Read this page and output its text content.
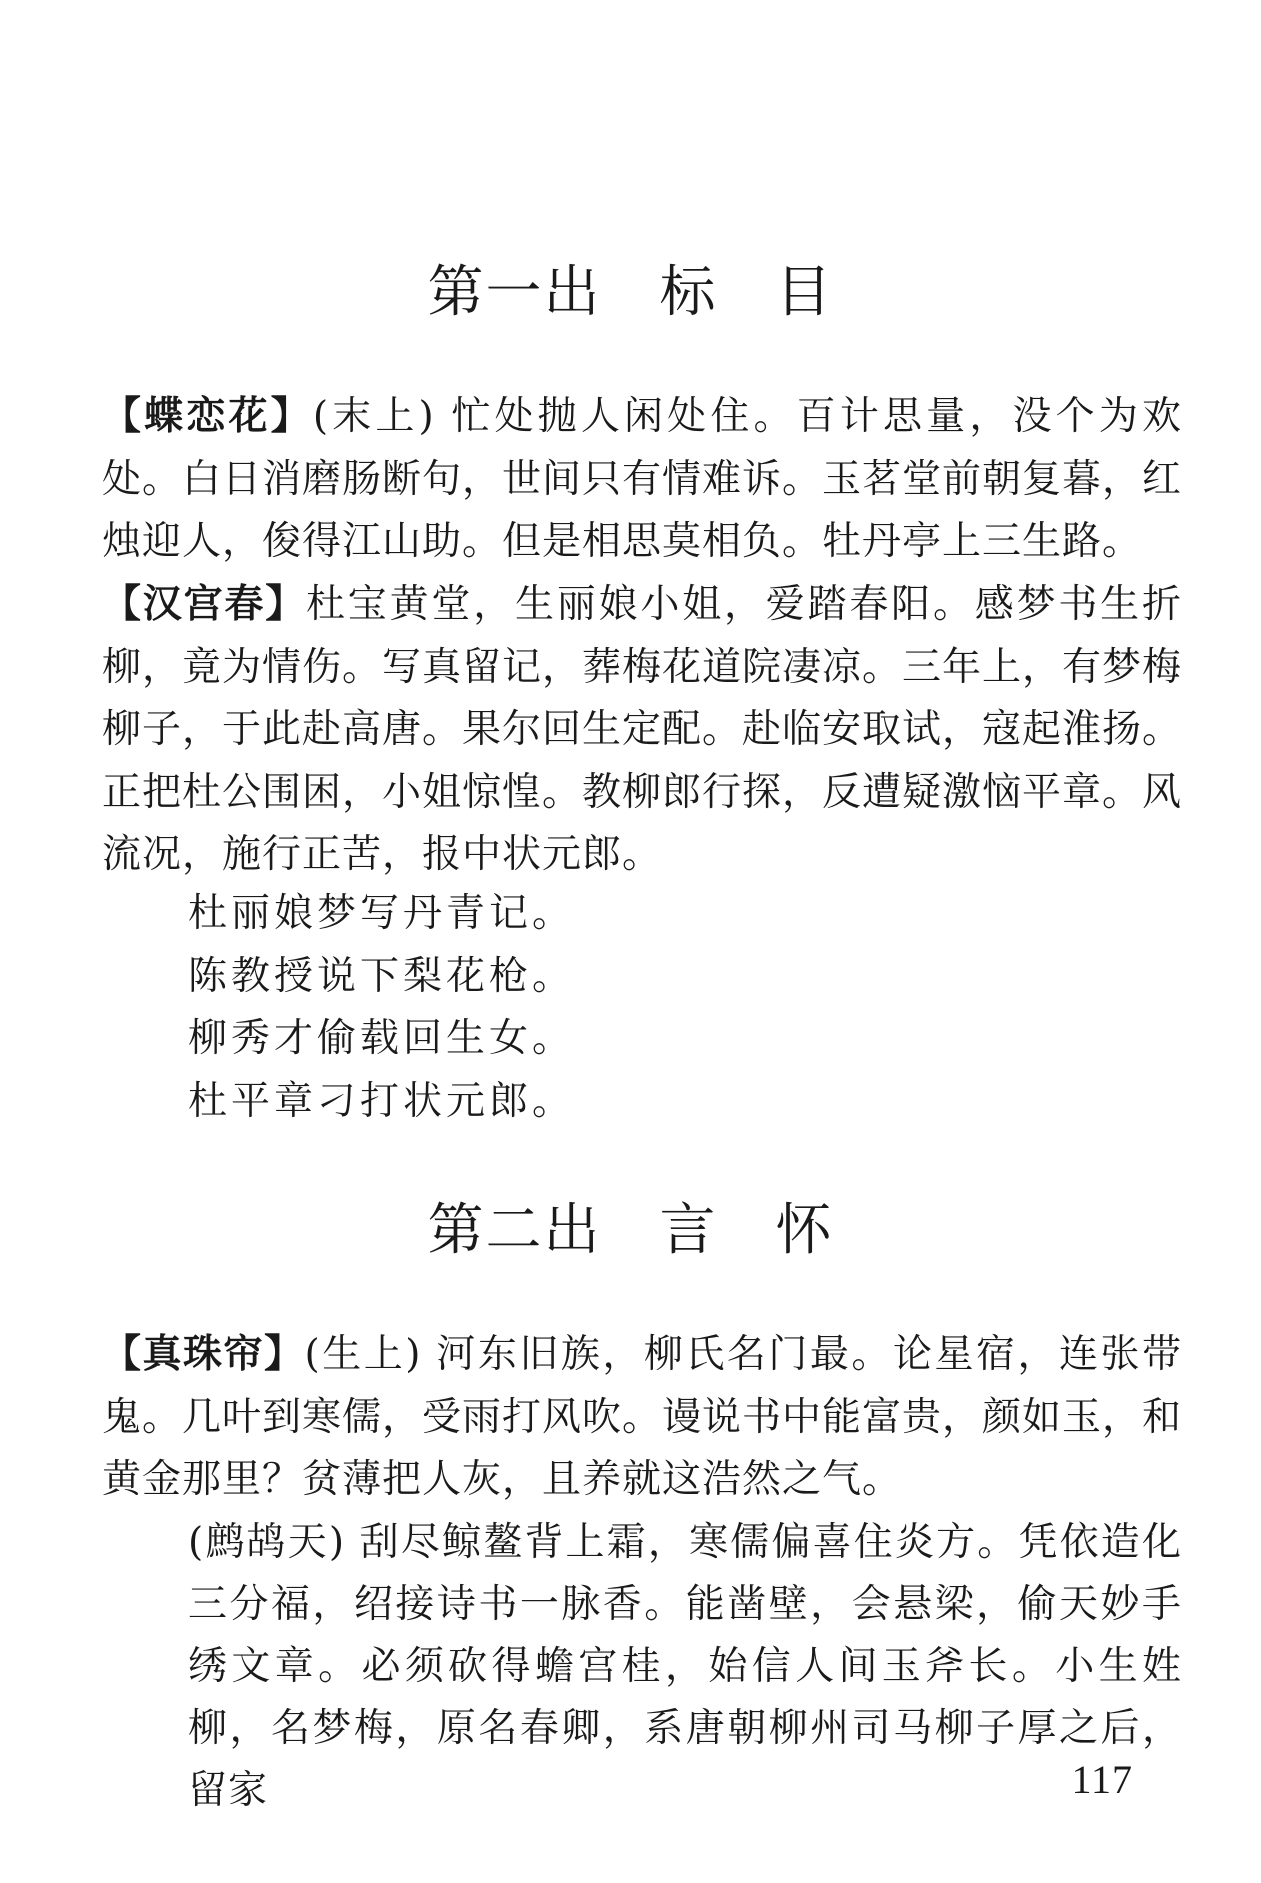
第一出　标　目
【蝶恋花】(末上) 忙处抛人闲处住。百计思量，没个为欢处。白日消磨肠断句，世间只有情难诉。玉茗堂前朝复暮，红烛迎人，俊得江山助。但是相思莫相负。牡丹亭上三生路。
【汉宫春】杜宝黄堂，生丽娘小姐，爱踏春阳。感梦书生折柳，竟为情伤。写真留记，葬梅花道院凄凉。三年上，有梦梅柳子，于此赴高唐。果尔回生定配。赴临安取试，寇起淮扬。正把杜公围困，小姐惊惶。教柳郎行探，反遭疑激恼平章。风流况，施行正苦，报中状元郎。
杜丽娘梦写丹青记。
陈教授说下梨花枪。
柳秀才偷载回生女。
杜平章刁打状元郎。
第二出　言　怀
【真珠帘】(生上) 河东旧族，柳氏名门最。论星宿，连张带鬼。几叶到寒儒，受雨打风吹。谩说书中能富贵，颜如玉，和黄金那里？贫薄把人灰，且养就这浩然之气。
(鹧鸪天) 刮尽鲸鳌背上霜，寒儒偏喜住炎方。凭依造化三分福，绍接诗书一脉香。能凿壁，会悬梁，偷天妙手绣文章。必须砍得蟾宫桂，始信人间玉斧长。小生姓柳，名梦梅，原名春卿，系唐朝柳州司马柳子厚之后，留家	117
